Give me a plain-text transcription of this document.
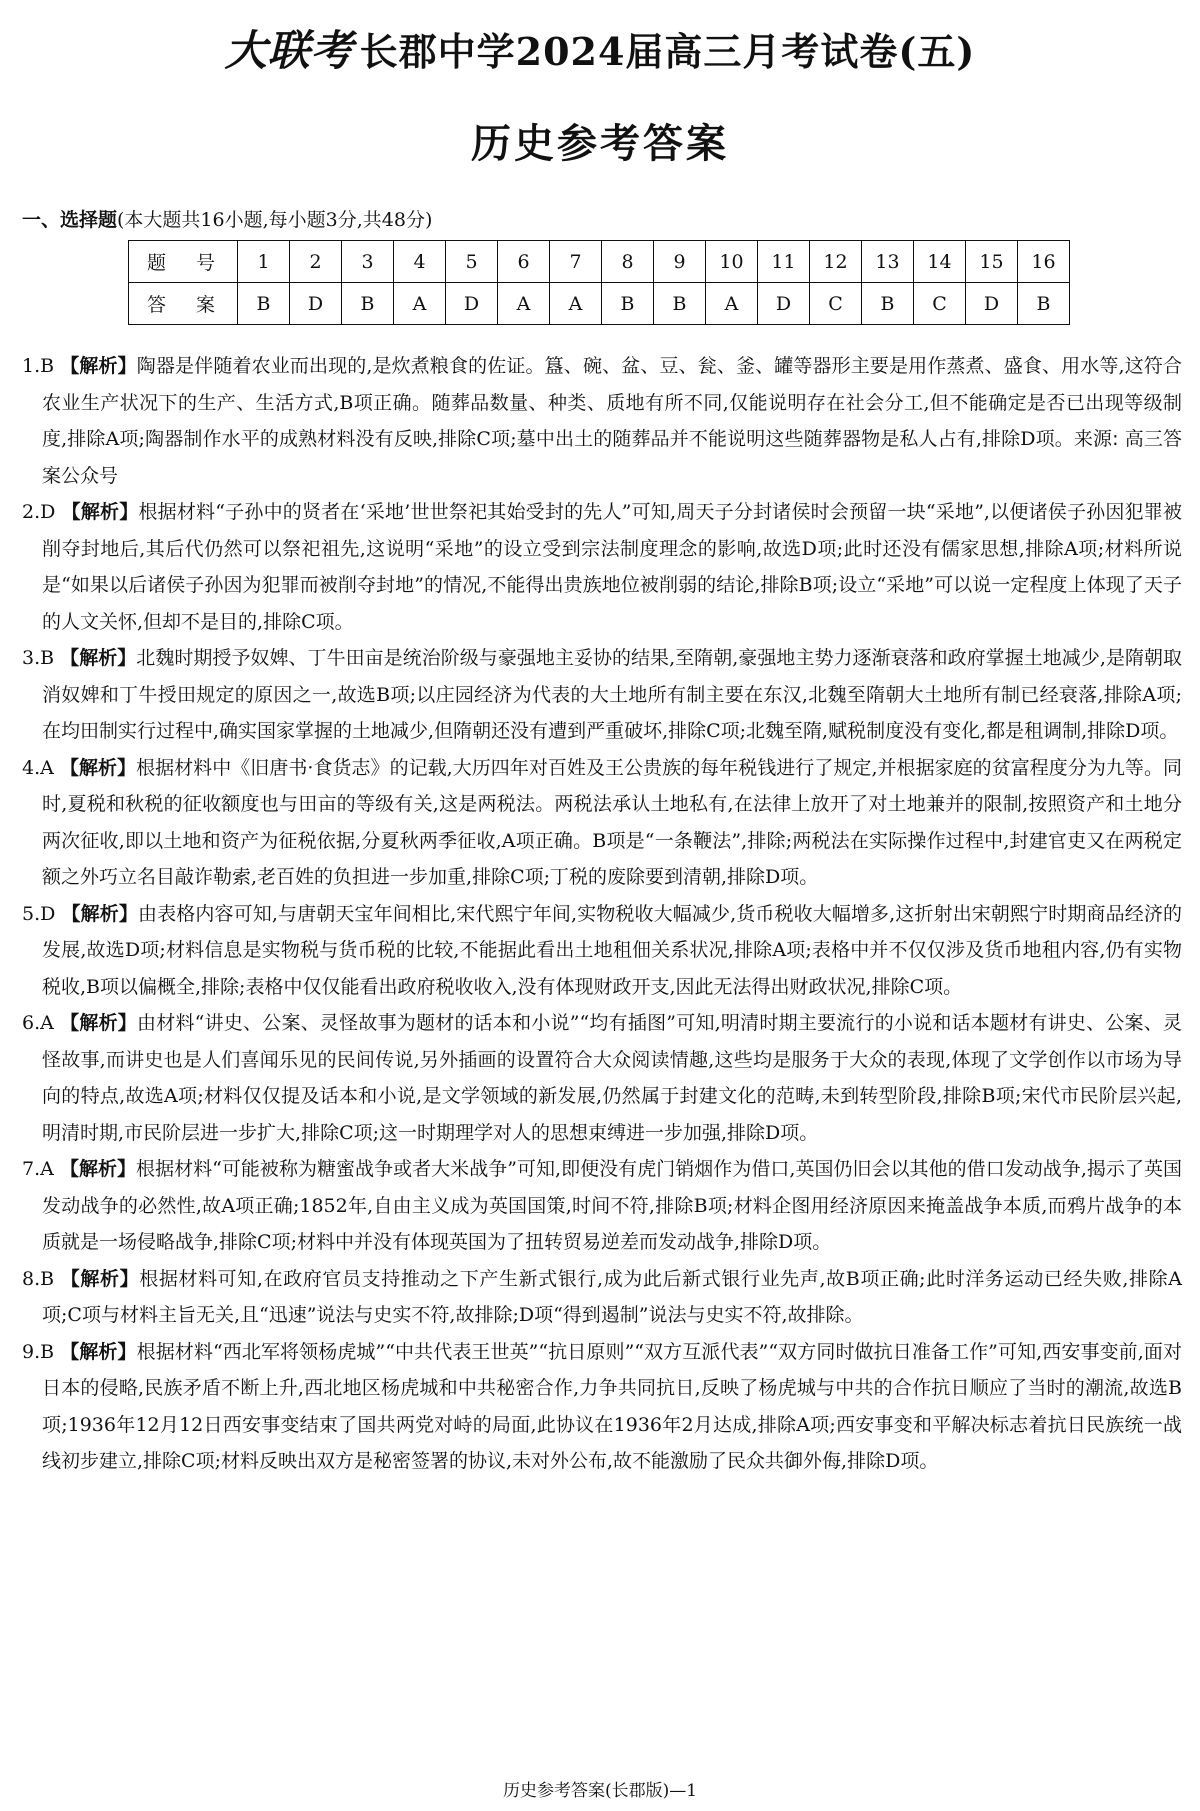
大联考 长郡中学2024届高三月考试卷(五)
历史参考答案
一、选择题(本大题共16小题,每小题3分,共48分)
题 号	1	2	3	4	5	6	7	8	9	10	11	12	13	14	15	16
答 案	B	D	B	A	D	A	A	B	B	A	D	C	B	C	D	B

1.B 【解析】陶器是伴随着农业而出现的,是炊煮粮食的佐证。簋、碗、盆、豆、瓮、釜、罐等器形主要是用作蒸煮、盛食、用水等,这符合农业生产状况下的生产、生活方式,B项正确。随葬品数量、种类、质地有所不同,仅能说明存在社会分工,但不能确定是否已出现等级制度,排除A项;陶器制作水平的成熟材料没有反映,排除C项;墓中出土的随葬品并不能说明这些随葬器物是私人占有,排除D项。来源: 高三答案公众号

2.D 【解析】根据材料“子孙中的贤者在‘采地’世世祭祀其始受封的先人”可知,周天子分封诸侯时会预留一块“采地”,以便诸侯子孙因犯罪被削夺封地后,其后代仍然可以祭祀祖先,这说明“采地”的设立受到宗法制度理念的影响,故选D项;此时还没有儒家思想,排除A项;材料所说是“如果以后诸侯子孙因为犯罪而被削夺封地”的情况,不能得出贵族地位被削弱的结论,排除B项;设立“采地”可以说一定程度上体现了天子的人文关怀,但却不是目的,排除C项。

3.B 【解析】北魏时期授予奴婢、丁牛田亩是统治阶级与豪强地主妥协的结果,至隋朝,豪强地主势力逐渐衰落和政府掌握土地减少,是隋朝取消奴婢和丁牛授田规定的原因之一,故选B项;以庄园经济为代表的大土地所有制主要在东汉,北魏至隋朝大土地所有制已经衰落,排除A项;在均田制实行过程中,确实国家掌握的土地减少,但隋朝还没有遭到严重破坏,排除C项;北魏至隋,赋税制度没有变化,都是租调制,排除D项。

4.A 【解析】根据材料中《旧唐书·食货志》的记载,大历四年对百姓及王公贵族的每年税钱进行了规定,并根据家庭的贫富程度分为九等。同时,夏税和秋税的征收额度也与田亩的等级有关,这是两税法。两税法承认土地私有,在法律上放开了对土地兼并的限制,按照资产和土地分两次征收,即以土地和资产为征税依据,分夏秋两季征收,A项正确。B项是“一条鞭法”,排除;两税法在实际操作过程中,封建官吏又在两税定额之外巧立名目敲诈勒索,老百姓的负担进一步加重,排除C项;丁税的废除要到清朝,排除D项。

5.D 【解析】由表格内容可知,与唐朝天宝年间相比,宋代熙宁年间,实物税收大幅减少,货币税收大幅增多,这折射出宋朝熙宁时期商品经济的发展,故选D项;材料信息是实物税与货币税的比较,不能据此看出土地租佃关系状况,排除A项;表格中并不仅仅涉及货币地租内容,仍有实物税收,B项以偏概全,排除;表格中仅仅能看出政府税收收入,没有体现财政开支,因此无法得出财政状况,排除C项。

6.A 【解析】由材料“讲史、公案、灵怪故事为题材的话本和小说”“均有插图”可知,明清时期主要流行的小说和话本题材有讲史、公案、灵怪故事,而讲史也是人们喜闻乐见的民间传说,另外插画的设置符合大众阅读情趣,这些均是服务于大众的表现,体现了文学创作以市场为导向的特点,故选A项;材料仅仅提及话本和小说,是文学领域的新发展,仍然属于封建文化的范畴,未到转型阶段,排除B项;宋代市民阶层兴起,明清时期,市民阶层进一步扩大,排除C项;这一时期理学对人的思想束缚进一步加强,排除D项。

7.A 【解析】根据材料“可能被称为糖蜜战争或者大米战争”可知,即便没有虎门销烟作为借口,英国仍旧会以其他的借口发动战争,揭示了英国发动战争的必然性,故A项正确;1852年,自由主义成为英国国策,时间不符,排除B项;材料企图用经济原因来掩盖战争本质,而鸦片战争的本质就是一场侵略战争,排除C项;材料中并没有体现英国为了扭转贸易逆差而发动战争,排除D项。

8.B 【解析】根据材料可知,在政府官员支持推动之下产生新式银行,成为此后新式银行业先声,故B项正确;此时洋务运动已经失败,排除A项;C项与材料主旨无关,且“迅速”说法与史实不符,故排除;D项“得到遏制”说法与史实不符,故排除。

9.B 【解析】根据材料“西北军将领杨虎城”“中共代表王世英”“抗日原则”“双方互派代表”“双方同时做抗日准备工作”可知,西安事变前,面对日本的侵略,民族矛盾不断上升,西北地区杨虎城和中共秘密合作,力争共同抗日,反映了杨虎城与中共的合作抗日顺应了当时的潮流,故选B项;1936年12月12日西安事变结束了国共两党对峙的局面,此协议在1936年2月达成,排除A项;西安事变和平解决标志着抗日民族统一战线初步建立,排除C项;材料反映出双方是秘密签署的协议,未对外公布,故不能激励了民众共御外侮,排除D项。

历史参考答案(长郡版)—1
